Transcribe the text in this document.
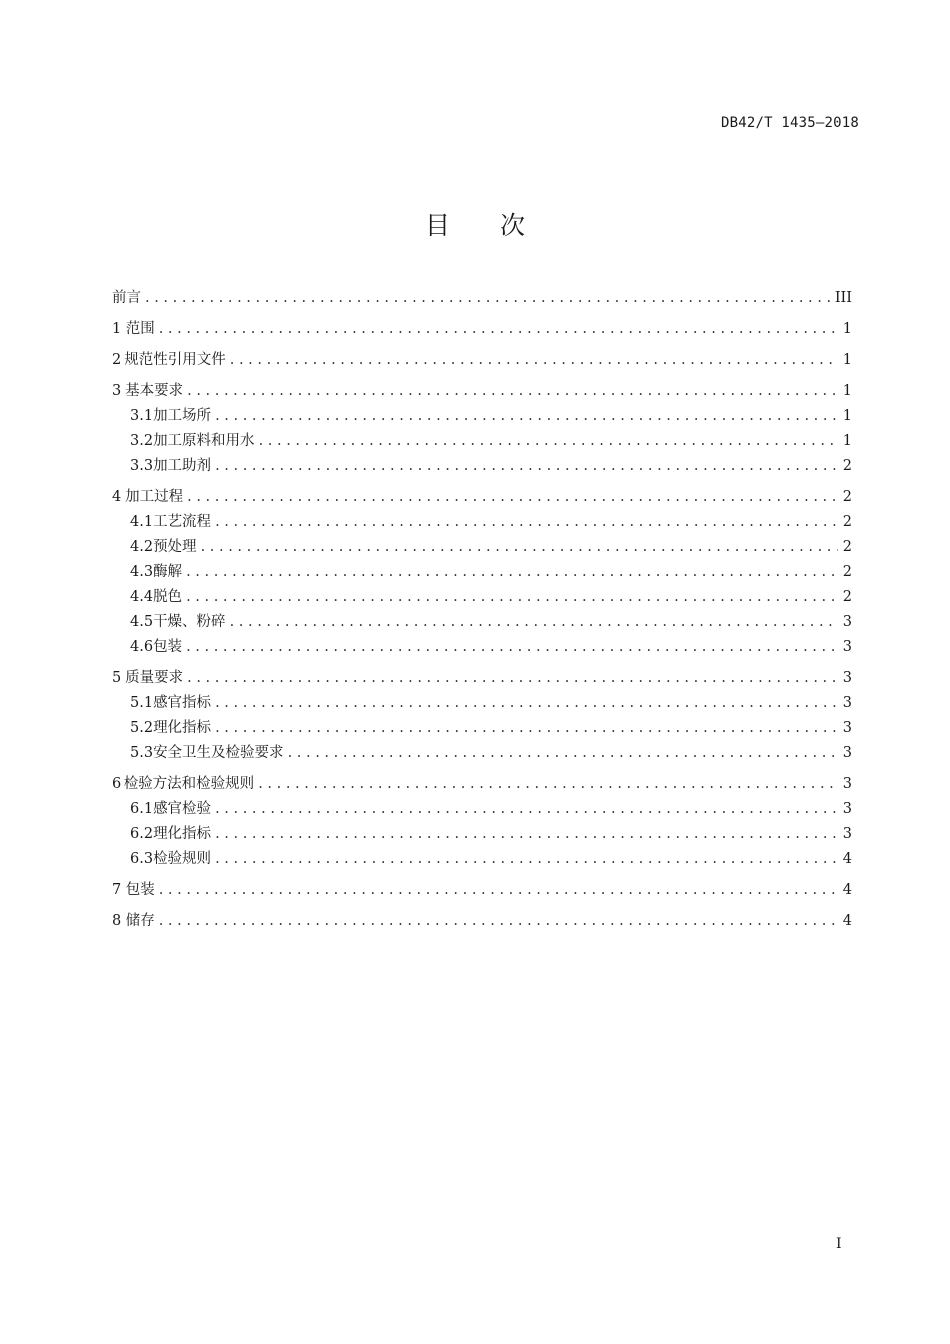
DB42/T 1435—2018
目 次
前言 .....	III
1 范围 .....	1
2 规范性引用文件 .....	1
3 基本要求 .....	1
3.1 加工场所 .....	1
3.2 加工原料和用水 .....	1
3.3 加工助剂 .....	2
4 加工过程 .....	2
4.1 工艺流程 .....	2
4.2 预处理 .....	2
4.3 酶解 .....	2
4.4 脱色 .....	2
4.5 干燥、粉碎 .....	3
4.6 包装 .....	3
5 质量要求 .....	3
5.1 感官指标 .....	3
5.2 理化指标 .....	3
5.3 安全卫生及检验要求 .....	3
6 检验方法和检验规则 .....	3
6.1 感官检验 .....	3
6.2 理化指标 .....	3
6.3 检验规则 .....	4
7 包装 .....	4
8 储存 .....	4
I
